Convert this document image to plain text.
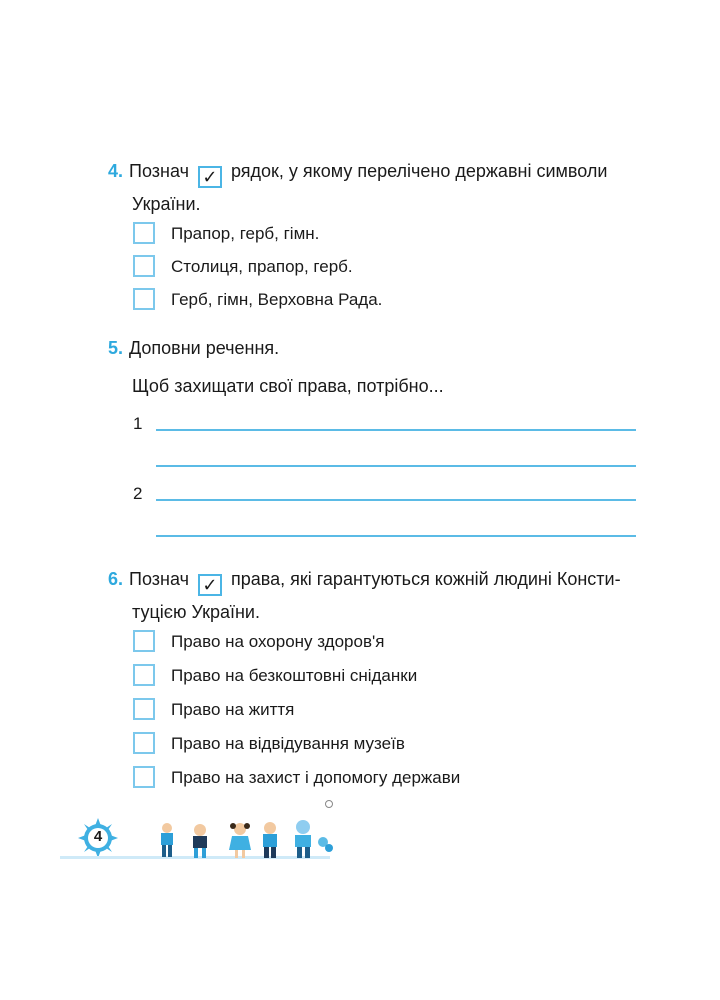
4. Познач ✓ рядок, у якому перелічено державні символи
України.
Прапор, герб, гімн.
Столиця, прапор, герб.
Герб, гімн, Верховна Рада.
5. Доповни речення.
Щоб захищати свої права, потрібно...
1
2
6. Познач ✓ права, які гарантуються кожній людині Консти-
туцією України.
Право на охорону здоров'я
Право на безкоштовні сніданки
Право на життя
Право на відвідування музеїв
Право на захист і допомогу держави
4
